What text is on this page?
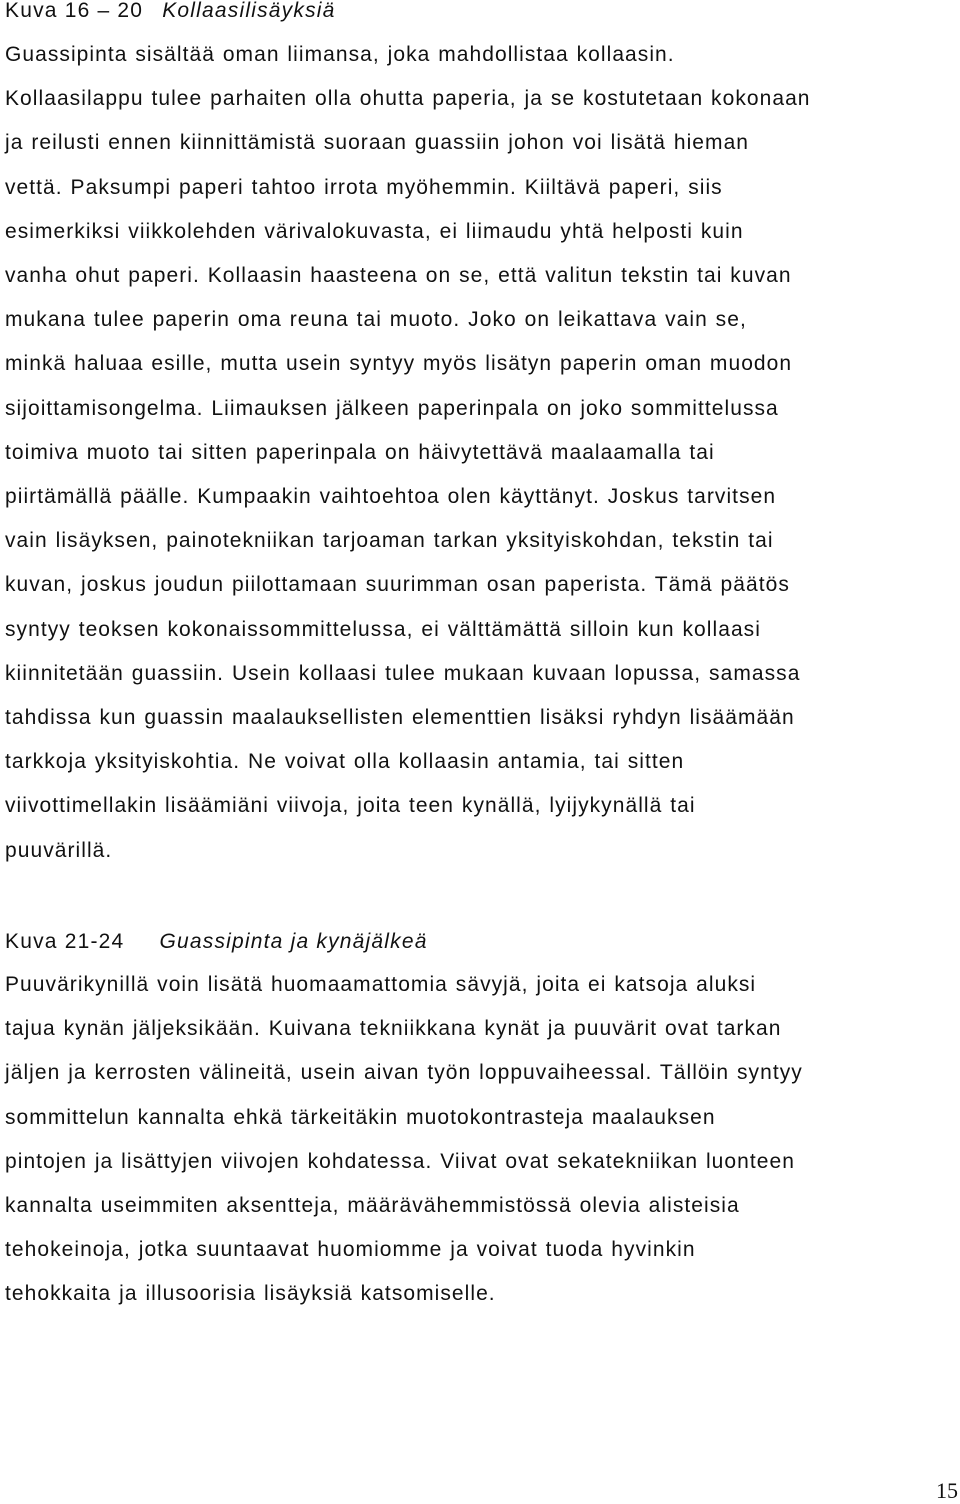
Kuva 16 – 20 Kollaasilisäyksiä

Guassipinta sisältää oman liimansa, joka mahdollistaa kollaasin.
Kollaasilappu tulee parhaiten olla ohutta paperia, ja se kostutetaan kokonaan
ja reilusti ennen kiinnittämistä suoraan guassiin johon voi lisätä hieman
vettä. Paksumpi paperi tahtoo irrota myöhemmin. Kiiltävä paperi, siis
esimerkiksi viikkolehden värivalokuvasta, ei liimaudu yhtä helposti kuin
vanha ohut paperi. Kollaasin haasteena on se, että valitun tekstin tai kuvan
mukana tulee paperin oma reuna tai muoto. Joko on leikattava vain se,
minkä haluaa esille, mutta usein syntyy myös lisätyn paperin oman muodon
sijoittamisongelma. Liimauksen jälkeen paperinpala on joko sommittelussa
toimiva muoto tai sitten paperinpala on häivytettävä maalaamalla tai
piirtämällä päälle. Kumpaakin vaihtoehtoa olen käyttänyt. Joskus tarvitsen
vain lisäyksen, painotekniikan tarjoaman tarkan yksityiskohdan, tekstin tai
kuvan, joskus joudun piilottamaan suurimman osan paperista. Tämä päätös
syntyy teoksen kokonaissommittelussa, ei välttämättä silloin kun kollaasi
kiinnitetään guassiin. Usein kollaasi tulee mukaan kuvaan lopussa, samassa
tahdissa kun guassin maalauksellisten elementtien lisäksi ryhdyn lisäämään
tarkkoja yksityiskohtia. Ne voivat olla kollaasin antamia, tai sitten
viivottimellakin lisäämiäni viivoja, joita teen kynällä, lyijykynällä tai
puuvärillä.

Kuva 21-24 Guassipinta ja kynäjälkeä

Puuvärikynillä voin lisätä huomaamattomia sävyjä, joita ei katsoja aluksi
tajua kynän jäljeksikään. Kuivana tekniikkana kynät ja puuvärit ovat tarkan
jäljen ja kerrosten välineitä, usein aivan työn loppuvaiheessal. Tällöin syntyy
sommittelun kannalta ehkä tärkeitäkin muotokontrasteja maalauksen
pintojen ja lisättyjen viivojen kohdatessa. Viivat ovat sekatekniikan luonteen
kannalta useimmiten aksentteja, määrävähemmistössä olevia alisteisia
tehokeinoja, jotka suuntaavat huomiomme ja voivat tuoda hyvinkin
tehokkaita ja illusoorisia lisäyksiä katsomiselle.

15
